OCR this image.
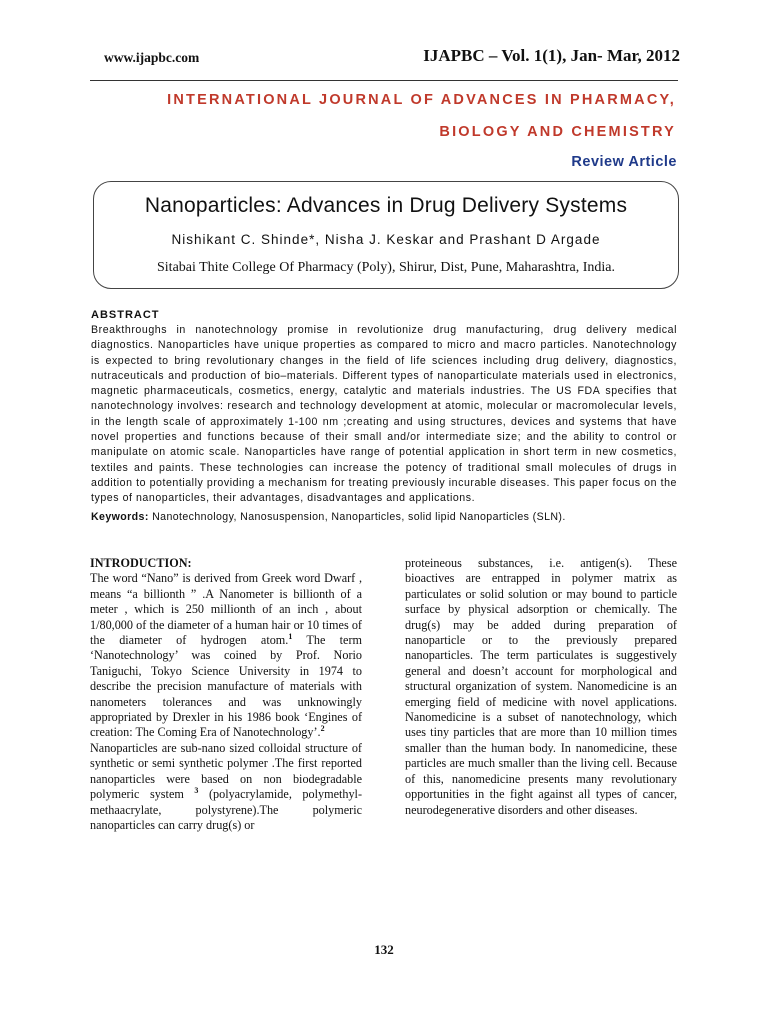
www.ijapbc.com	IJAPBC – Vol. 1(1), Jan- Mar, 2012
INTERNATIONAL JOURNAL OF ADVANCES IN PHARMACY,
BIOLOGY AND CHEMISTRY
Review Article
Nanoparticles: Advances in Drug Delivery Systems
Nishikant C. Shinde*, Nisha J. Keskar and Prashant D Argade
Sitabai Thite College Of Pharmacy (Poly), Shirur, Dist, Pune, Maharashtra, India.
ABSTRACT
Breakthroughs in nanotechnology promise in revolutionize drug manufacturing, drug delivery medical diagnostics. Nanoparticles have unique properties as compared to micro and macro particles. Nanotechnology is expected to bring revolutionary changes in the field of life sciences including drug delivery, diagnostics, nutraceuticals and production of bio–materials. Different types of nanoparticulate materials used in electronics, magnetic pharmaceuticals, cosmetics, energy, catalytic and materials industries. The US FDA specifies that nanotechnology involves: research and technology development at atomic, molecular or macromolecular levels, in the length scale of approximately 1-100 nm ;creating and using structures, devices and systems that have novel properties and functions because of their small and/or intermediate size; and the ability to control or manipulate on atomic scale. Nanoparticles have range of potential application in short term in new cosmetics, textiles and paints. These technologies can increase the potency of traditional small molecules of drugs in addition to potentially providing a mechanism for treating previously incurable diseases. This paper focus on the types of nanoparticles, their advantages, disadvantages and applications.
Keywords: Nanotechnology, Nanosuspension, Nanoparticles, solid lipid Nanoparticles (SLN).
INTRODUCTION:

The word “Nano” is derived from Greek word Dwarf , means “a billionth ” .A Nanometer is billionth of a meter , which is 250 millionth of an inch , about 1/80,000 of the diameter of a human hair or 10 times of the diameter of hydrogen atom.$^1$ The term ‘Nanotechnology’ was coined by Prof. Norio Taniguchi, Tokyo Science University in 1974 to describe the precision manufacture of materials with nanometers tolerances and was unknowingly appropriated by Drexler in his 1986 book ‘Engines of creation: The Coming Era of Nanotechnology’.$^2$

Nanoparticles are sub-nano sized colloidal structure of synthetic or semi synthetic polymer .The first reported nanoparticles were based on non biodegradable polymeric system $^3$ (polyacrylamide, polymethyl-methaacrylate, polystyrene).The polymeric nanoparticles can carry drug(s) or

proteineous substances, i.e. antigen(s). These bioactives are entrapped in polymer matrix as particulates or solid solution or may bound to particle surface by physical adsorption or chemically. The drug(s) may be added during preparation of nanoparticle or to the previously prepared nanoparticles. The term particulates is suggestively general and doesn’t account for morphological and structural organization of system. Nanomedicine is an emerging field of medicine with novel applications. Nanomedicine is a subset of nanotechnology, which uses tiny particles that are more than 10 million times smaller than the human body. In nanomedicine, these particles are much smaller than the living cell. Because of this, nanomedicine presents many revolutionary opportunities in the fight against all types of cancer, neurodegenerative disorders and other diseases.

132
